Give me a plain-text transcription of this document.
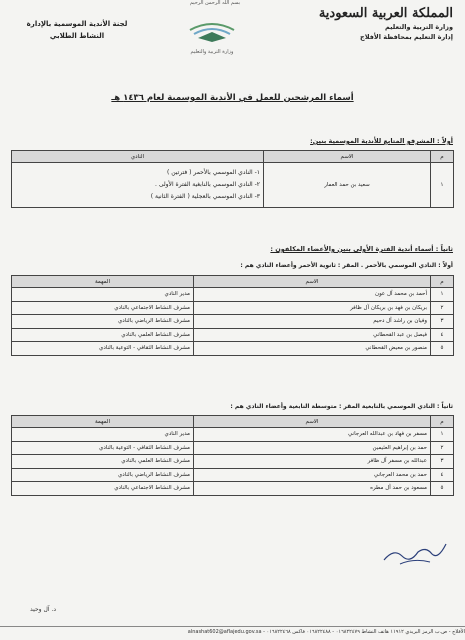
بسم الله الرحمن الرحيم
المملكة العربية السعودية
وزارة التربية والتعليم
إدارة التعليم بمحافظة الأفلاج
وزارة التربية والتعليم
لجنة الأندية الموسمية بالإدارة
النشاط الطلابي
أسماء المرشحين للعمل في الأندية الموسمية لعام ١٤٣٦ هـ
أولاً : المشرفو المتابع للأندية الموسمية بنين:
م	الاسم	النادي
١	سعيد بن حمد العمار	١- النادي الموسمي بالأحمر ( فترتين )
٢- النادي الموسمي بالنابغية الفترة الأولى .
٣- النادي الموسمي بالعجلية ( الفترة الثانية )
ثانياً : أسماء أندية الفترة الأولى بنين والأعضاء المكلفون :
أولاً : النادي الموسمي بالأحمر . المقر : ثانوية الأحمر وأعضاء النادي هم :
م	الاسم	المهمة
١	أحمد بن محمد آل عون	مدير النادي
٢	بريكان بن فهد بن بريكان آل ظافر	مشرف النشاط الاجتماعي بالنادي
٣	وفيان بن راشد آل دحيم	مشرف النشاط الرياضي بالنادي
٤	فيصل بن عبد القحطاني	مشرف النشاط العلمي بالنادي
٥	منصور بن معيض القحطاني	مشرف النشاط الثقافي - التوعية بالنادي
ثانياً : النادي الموسمي بالنابغية المقر : متوسطة النابغية وأعضاء النادي هم :
م	الاسم	المهمة
١	مسفر بن فهاد بن عبدالله العرجاني	مدير النادي
٢	حمد بن إبراهيم العثيمين	مشرف النشاط الثقافي - التوعية بالنادي
٣	عبدالله بن مسفر آل ظافر	مشرف النشاط العلمي بالنادي
٤	حمد بن محمد العرجاني	مشرف النشاط الرياضي بالنادي
٥	مسعود بن حمد آل مطره	مشرف النشاط الاجتماعي بالنادي
د. آل وحيد
الأفلاج - ص.ب الرمز البريدي ١١٩١٢ هاتف النشاط ٠١٦٨٢٢٤٧٩ - ٠١٦٨٢٢٤٨٨ فاكس ٠١٦٨٢٢٤٦٨ - alnashat602@aflajedu.gov.sa
